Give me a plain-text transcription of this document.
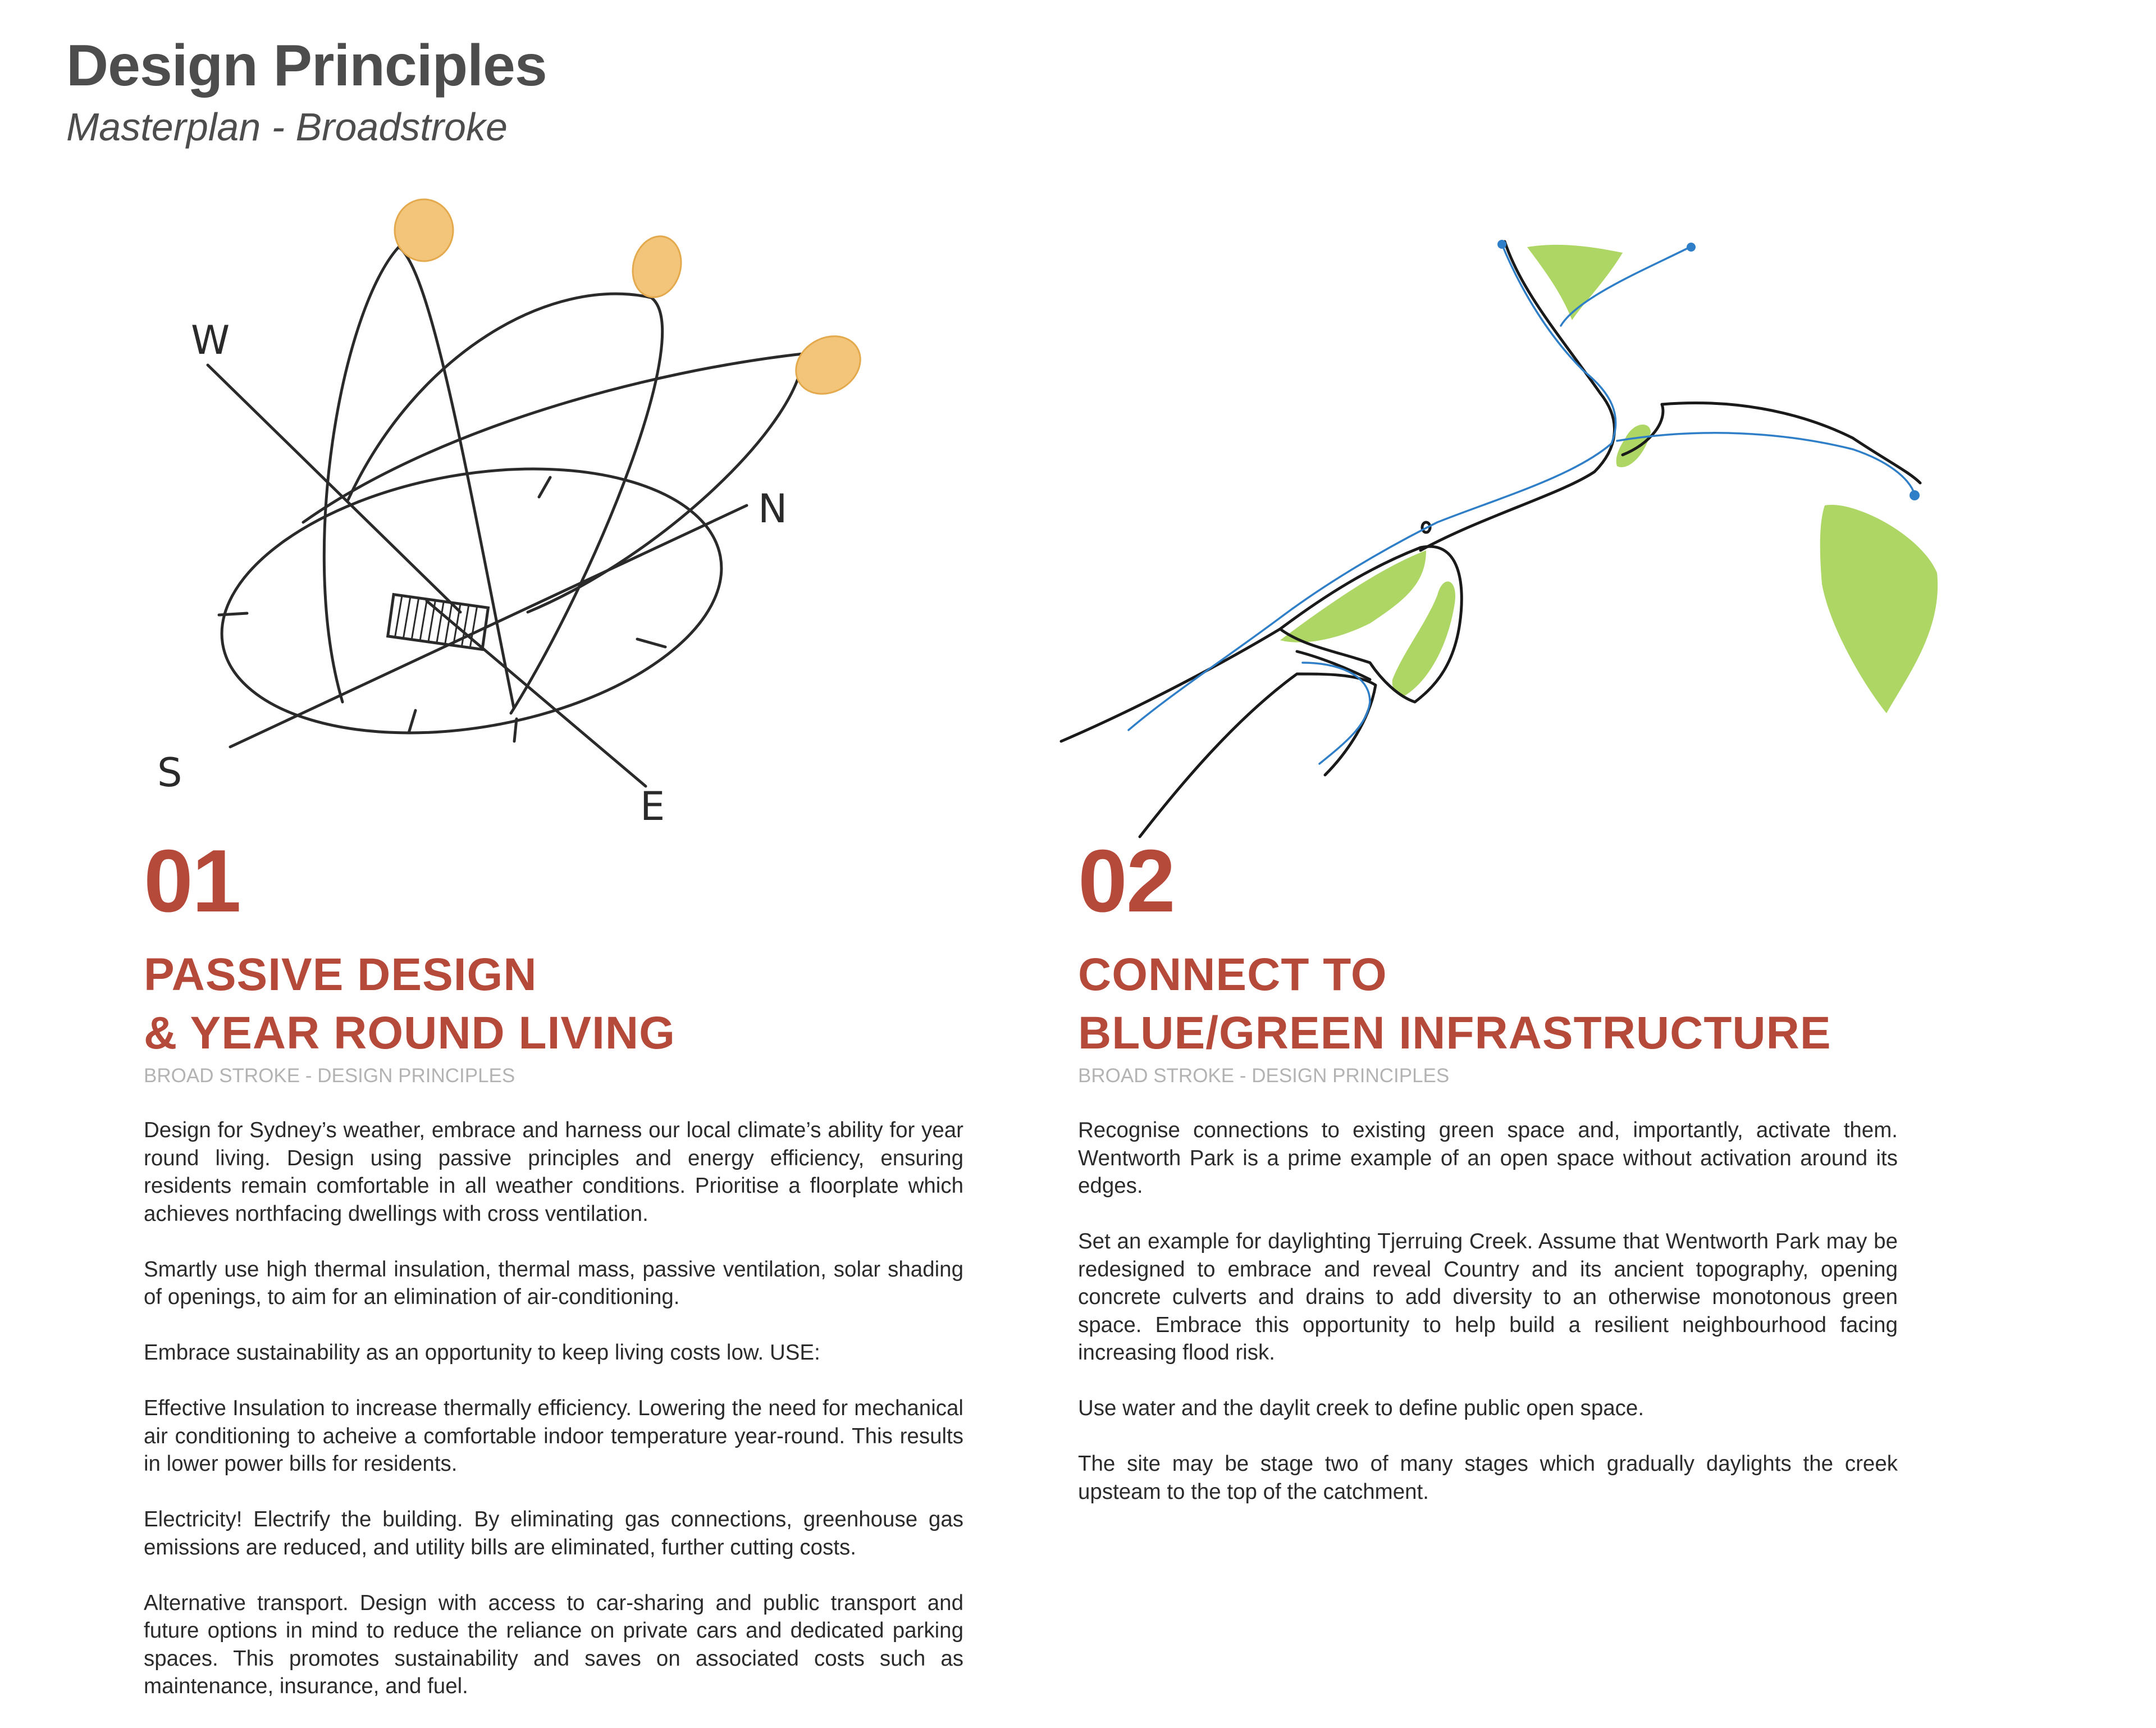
Design Principles

Masterplan - Broadstroke

W
N
S
E
01
PASSIVE DESIGN
& YEAR ROUND LIVING
BROAD STROKE - DESIGN PRINCIPLES

Design for Sydney’s weather, embrace and harness our local climate’s ability for year round living. Design using passive principles and energy efficiency, ensuring residents remain comfortable in all weather conditions. Prioritise a floorplate which achieves northfacing dwellings with cross ventilation.

Smartly use high thermal insulation, thermal mass, passive ventilation, solar shading of openings, to aim for an elimination of air-conditioning.

Embrace sustainability as an opportunity to keep living costs low. USE:

Effective Insulation to increase thermally efficiency. Lowering the need for mechanical air conditioning to acheive a comfortable indoor temperature year-round. This results in lower power bills for residents.

Electricity! Electrify the building. By eliminating gas connections, greenhouse gas emissions are reduced, and utility bills are eliminated, further cutting costs.

Alternative transport. Design with access to car-sharing and public transport and future options in mind to reduce the reliance on private cars and dedicated parking spaces. This promotes sustainability and saves on associated costs such as maintenance, insurance, and fuel.

02
CONNECT TO
BLUE/GREEN INFRASTRUCTURE
BROAD STROKE - DESIGN PRINCIPLES

Recognise connections to existing green space and, importantly, activate them. Wentworth Park is a prime example of an open space without activation around its edges.

Set an example for daylighting Tjerruing Creek. Assume that Wentworth Park may be redesigned to embrace and reveal Country and its ancient topography, opening concrete culverts and drains to add diversity to an otherwise monotonous green space. Embrace this opportunity to help build a resilient neighbourhood facing increasing flood risk.

Use water and the daylit creek to define public open space.

The site may be stage two of many stages which gradually daylights the creek upsteam to the top of the catchment.
